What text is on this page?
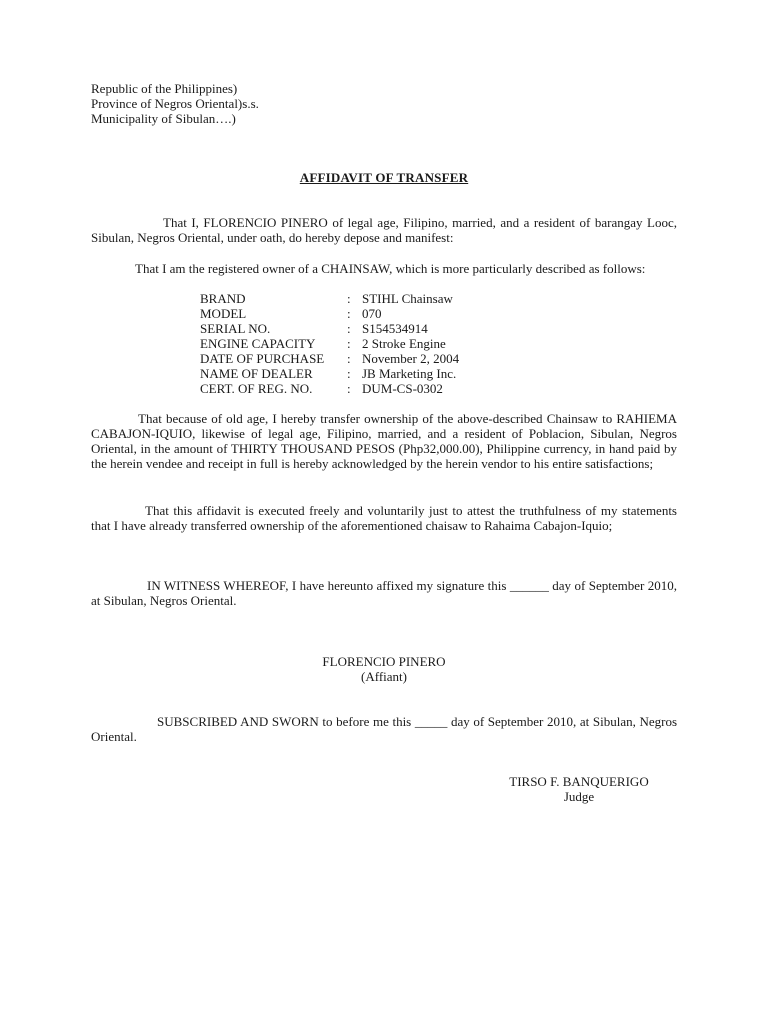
Republic of the Philippines)
Province of Negros Oriental)s.s.
Municipality of Sibulan….)
AFFIDAVIT OF TRANSFER
That I, FLORENCIO PINERO of legal age, Filipino, married, and a resident of barangay Looc, Sibulan, Negros Oriental, under oath, do hereby depose and manifest:
That I am the registered owner of a CHAINSAW, which is more particularly described as follows:
BRAND	: STIHL Chainsaw
MODEL	: 070
SERIAL NO.	: S154534914
ENGINE CAPACITY : 2 Stroke Engine
DATE OF PURCHASE : November 2, 2004
NAME OF DEALER	: JB Marketing Inc.
CERT. OF REG. NO.	: DUM-CS-0302
That because of old age, I hereby transfer ownership of the above-described Chainsaw to RAHIEMA CABAJON-IQUIO, likewise of legal age, Filipino, married, and a resident of Poblacion, Sibulan, Negros Oriental, in the amount of THIRTY THOUSAND PESOS (Php32,000.00), Philippine currency, in hand paid by the herein vendee and receipt in full is hereby acknowledged by the herein vendor to his entire satisfactions;
That this affidavit is executed freely and voluntarily just to attest the truthfulness of my statements that I have already transferred ownership of the aforementioned chaisaw to Rahaima Cabajon-Iquio;
IN WITNESS WHEREOF, I have hereunto affixed my signature this ______ day of September 2010, at Sibulan, Negros Oriental.
FLORENCIO PINERO
(Affiant)
SUBSCRIBED AND SWORN to before me this _____ day of September 2010, at Sibulan, Negros Oriental.
TIRSO F. BANQUERIGO
Judge
